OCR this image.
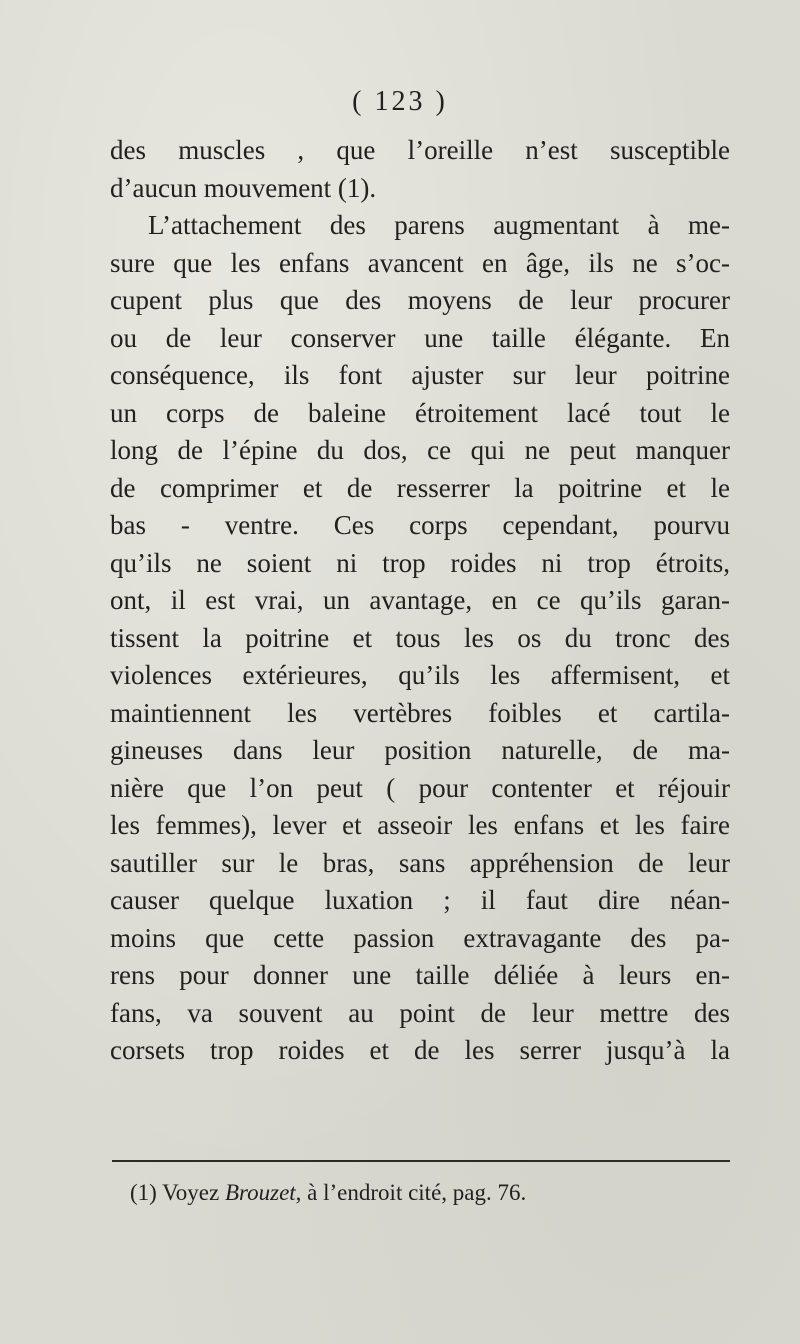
( 123 )
des muscles , que l’oreille n’est susceptible
d’aucun mouvement (1).
L’attachement des parens augmentant à me-
sure que les enfans avancent en âge, ils ne s’oc-
cupent plus que des moyens de leur procurer
ou de leur conserver une taille élégante. En
conséquence, ils font ajuster sur leur poitrine
un corps de baleine étroitement lacé tout le
long de l’épine du dos, ce qui ne peut manquer
de comprimer et de resserrer la poitrine et le
bas - ventre. Ces corps cependant, pourvu
qu’ils ne soient ni trop roides ni trop étroits,
ont, il est vrai, un avantage, en ce qu’ils garan-
tissent la poitrine et tous les os du tronc des
violences extérieures, qu’ils les affermisent, et
maintiennent les vertèbres foibles et cartila-
gineuses dans leur position naturelle, de ma-
nière que l’on peut ( pour contenter et réjouir
les femmes), lever et asseoir les enfans et les faire
sautiller sur le bras, sans appréhension de leur
causer quelque luxation ; il faut dire néan-
moins que cette passion extravagante des pa-
rens pour donner une taille déliée à leurs en-
fans, va souvent au point de leur mettre des
corsets trop roides et de les serrer jusqu’à la
(1) Voyez Brouzet, à l’endroit cité, pag. 76.
